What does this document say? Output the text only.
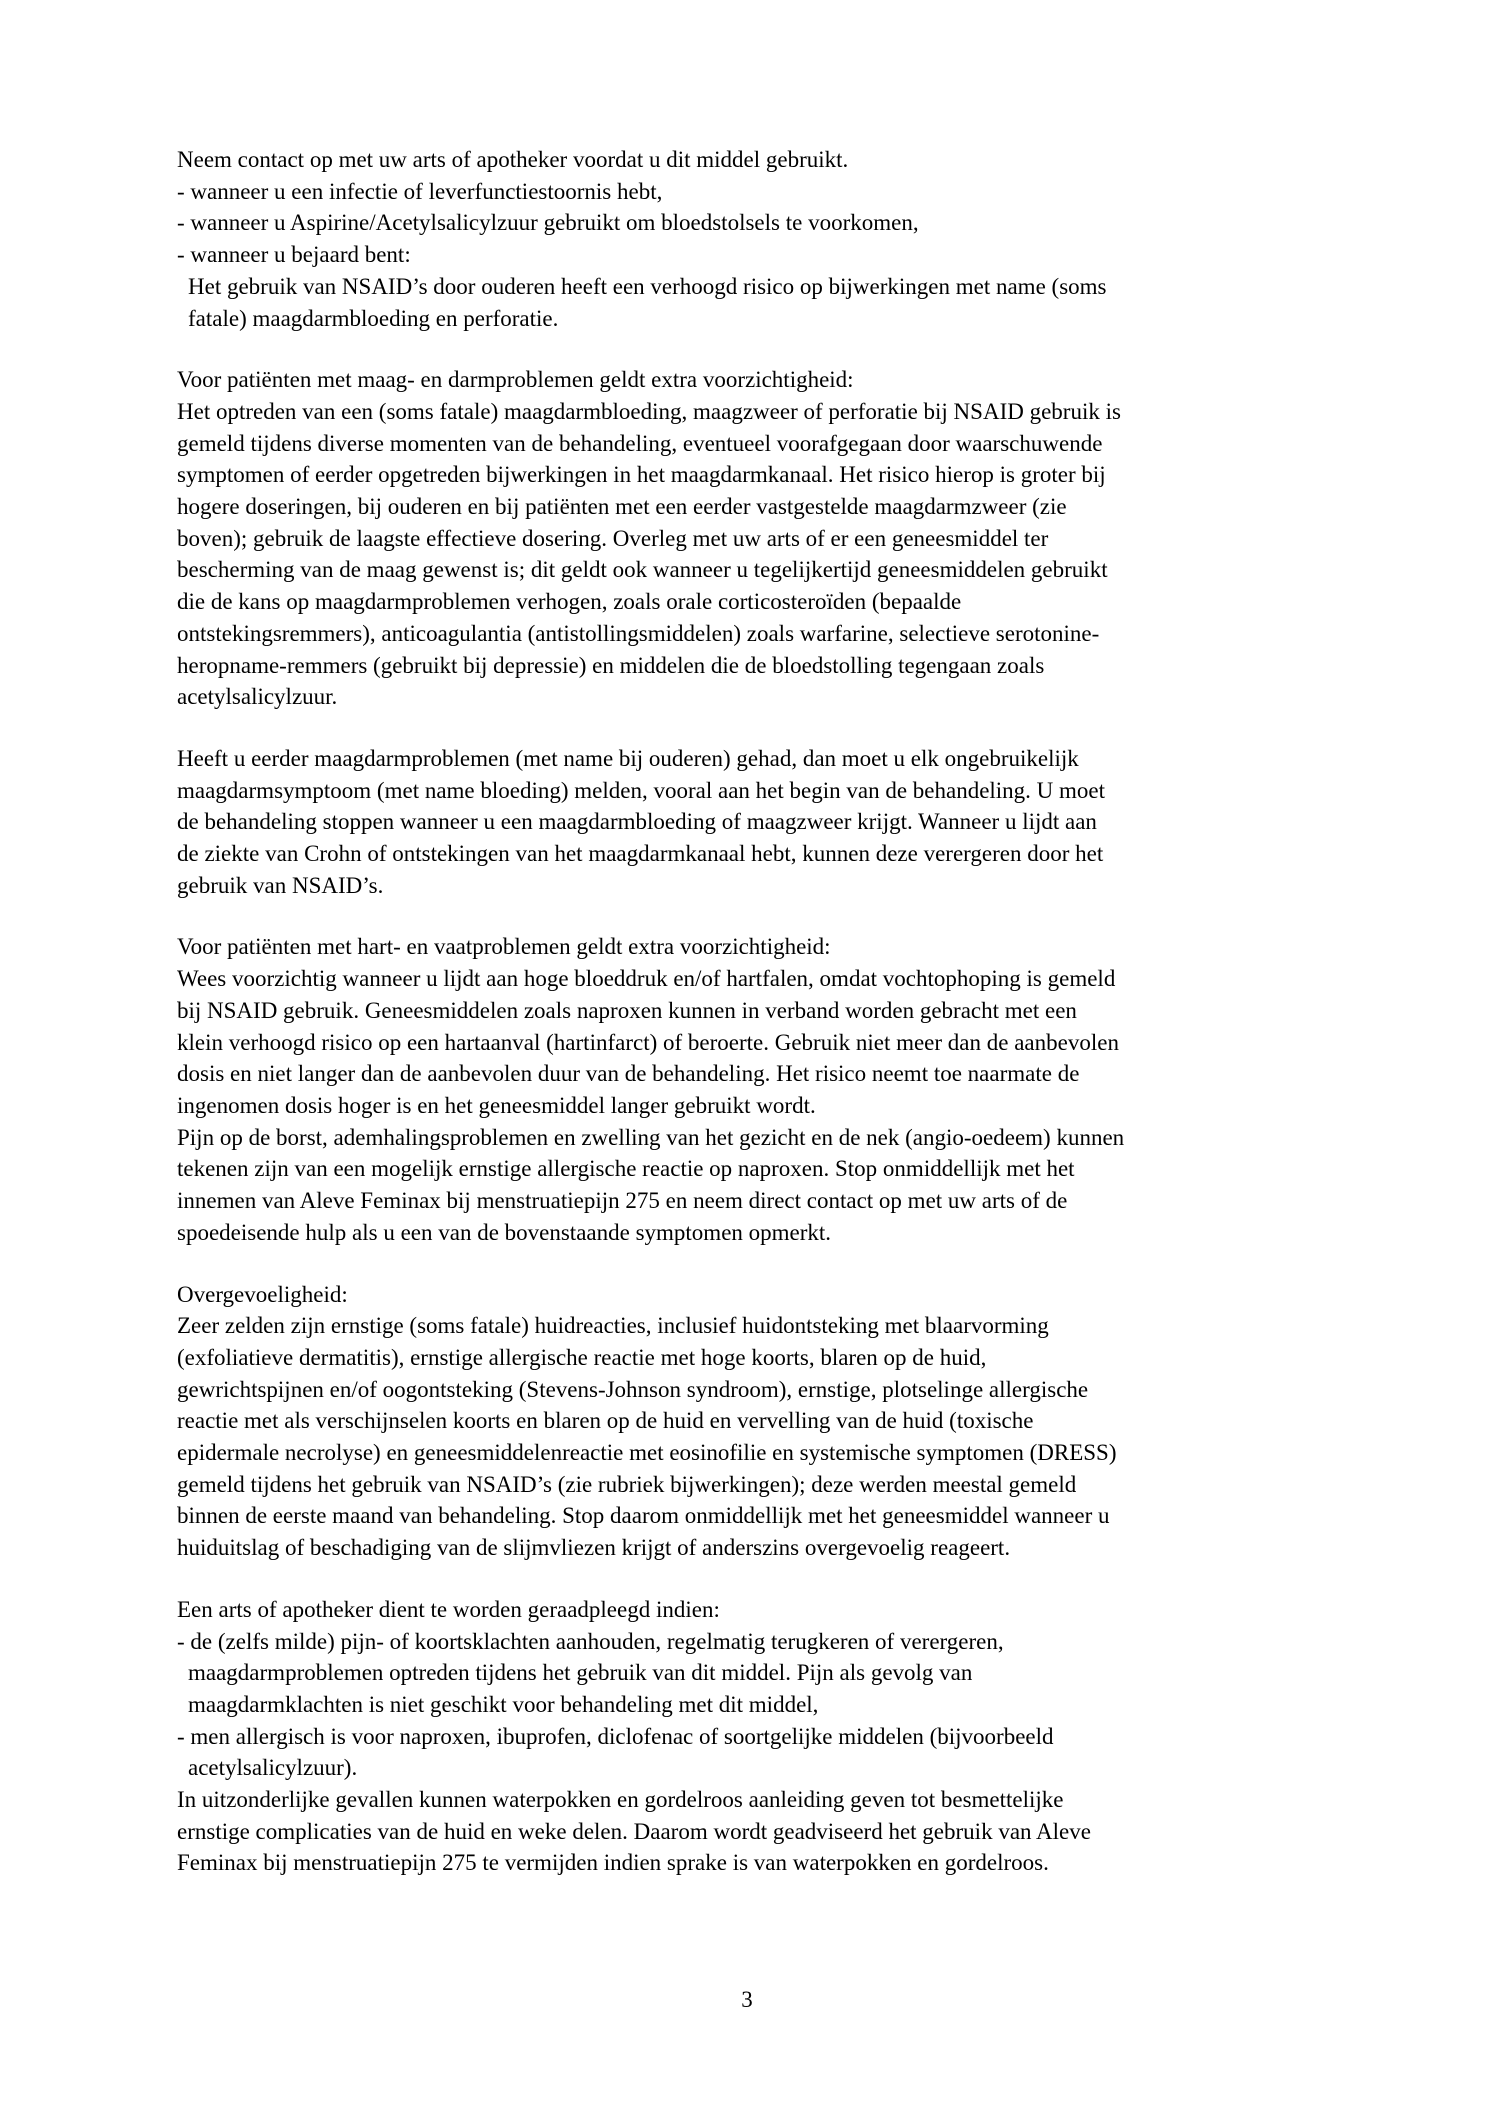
Neem contact op met uw arts of apotheker voordat u dit middel gebruikt.
- wanneer u een infectie of leverfunctiestoornis hebt,
- wanneer u Aspirine/Acetylsalicylzuur gebruikt om bloedstolsels te voorkomen,
- wanneer u bejaard bent:
Het gebruik van NSAID’s door ouderen heeft een verhoogd risico op bijwerkingen met name (soms
fatale) maagdarmbloeding en perforatie.
Voor patiënten met maag- en darmproblemen geldt extra voorzichtigheid:
Het optreden van een (soms fatale) maagdarmbloeding, maagzweer of perforatie bij NSAID gebruik is
gemeld tijdens diverse momenten van de behandeling, eventueel voorafgegaan door waarschuwende
symptomen of eerder opgetreden bijwerkingen in het maagdarmkanaal. Het risico hierop is groter bij
hogere doseringen, bij ouderen en bij patiënten met een eerder vastgestelde maagdarmzweer (zie
boven); gebruik de laagste effectieve dosering. Overleg met uw arts of er een geneesmiddel ter
bescherming van de maag gewenst is; dit geldt ook wanneer u tegelijkertijd geneesmiddelen gebruikt
die de kans op maagdarmproblemen verhogen, zoals orale corticosteroïden (bepaalde
ontstekingsremmers), anticoagulantia (antistollingsmiddelen) zoals warfarine, selectieve serotonine-
heropname-remmers (gebruikt bij depressie) en middelen die de bloedstolling tegengaan zoals
acetylsalicylzuur.
Heeft u eerder maagdarmproblemen (met name bij ouderen) gehad, dan moet u elk ongebruikelijk
maagdarmsymptoom (met name bloeding) melden, vooral aan het begin van de behandeling. U moet
de behandeling stoppen wanneer u een maagdarmbloeding of maagzweer krijgt. Wanneer u lijdt aan
de ziekte van Crohn of ontstekingen van het maagdarmkanaal hebt, kunnen deze verergeren door het
gebruik van NSAID’s.
Voor patiënten met hart- en vaatproblemen geldt extra voorzichtigheid:
Wees voorzichtig wanneer u lijdt aan hoge bloeddruk en/of hartfalen, omdat vochtophoping is gemeld
bij NSAID gebruik. Geneesmiddelen zoals naproxen kunnen in verband worden gebracht met een
klein verhoogd risico op een hartaanval (hartinfarct) of beroerte. Gebruik niet meer dan de aanbevolen
dosis en niet langer dan de aanbevolen duur van de behandeling. Het risico neemt toe naarmate de
ingenomen dosis hoger is en het geneesmiddel langer gebruikt wordt.
Pijn op de borst, ademhalingsproblemen en zwelling van het gezicht en de nek (angio-oedeem) kunnen
tekenen zijn van een mogelijk ernstige allergische reactie op naproxen. Stop onmiddellijk met het
innemen van Aleve Feminax bij menstruatiepijn 275 en neem direct contact op met uw arts of de
spoedeisende hulp als u een van de bovenstaande symptomen opmerkt.
Overgevoeligheid:
Zeer zelden zijn ernstige (soms fatale) huidreacties, inclusief huidontsteking met blaarvorming
(exfoliatieve dermatitis), ernstige allergische reactie met hoge koorts, blaren op de huid,
gewrichtspijnen en/of oogontsteking (Stevens-Johnson syndroom), ernstige, plotselinge allergische
reactie met als verschijnselen koorts en blaren op de huid en vervelling van de huid (toxische
epidermale necrolyse) en geneesmiddelenreactie met eosinofilie en systemische symptomen (DRESS)
gemeld tijdens het gebruik van NSAID’s (zie rubriek bijwerkingen); deze werden meestal gemeld
binnen de eerste maand van behandeling. Stop daarom onmiddellijk met het geneesmiddel wanneer u
huiduitslag of beschadiging van de slijmvliezen krijgt of anderszins overgevoelig reageert.
Een arts of apotheker dient te worden geraadpleegd indien:
- de (zelfs milde) pijn- of koortsklachten aanhouden, regelmatig terugkeren of verergeren,
maagdarmproblemen optreden tijdens het gebruik van dit middel. Pijn als gevolg van
maagdarmklachten is niet geschikt voor behandeling met dit middel,
- men allergisch is voor naproxen, ibuprofen, diclofenac of soortgelijke middelen (bijvoorbeeld
acetylsalicylzuur).
In uitzonderlijke gevallen kunnen waterpokken en gordelroos aanleiding geven tot besmettelijke
ernstige complicaties van de huid en weke delen. Daarom wordt geadviseerd het gebruik van Aleve
Feminax bij menstruatiepijn 275 te vermijden indien sprake is van waterpokken en gordelroos.
3
